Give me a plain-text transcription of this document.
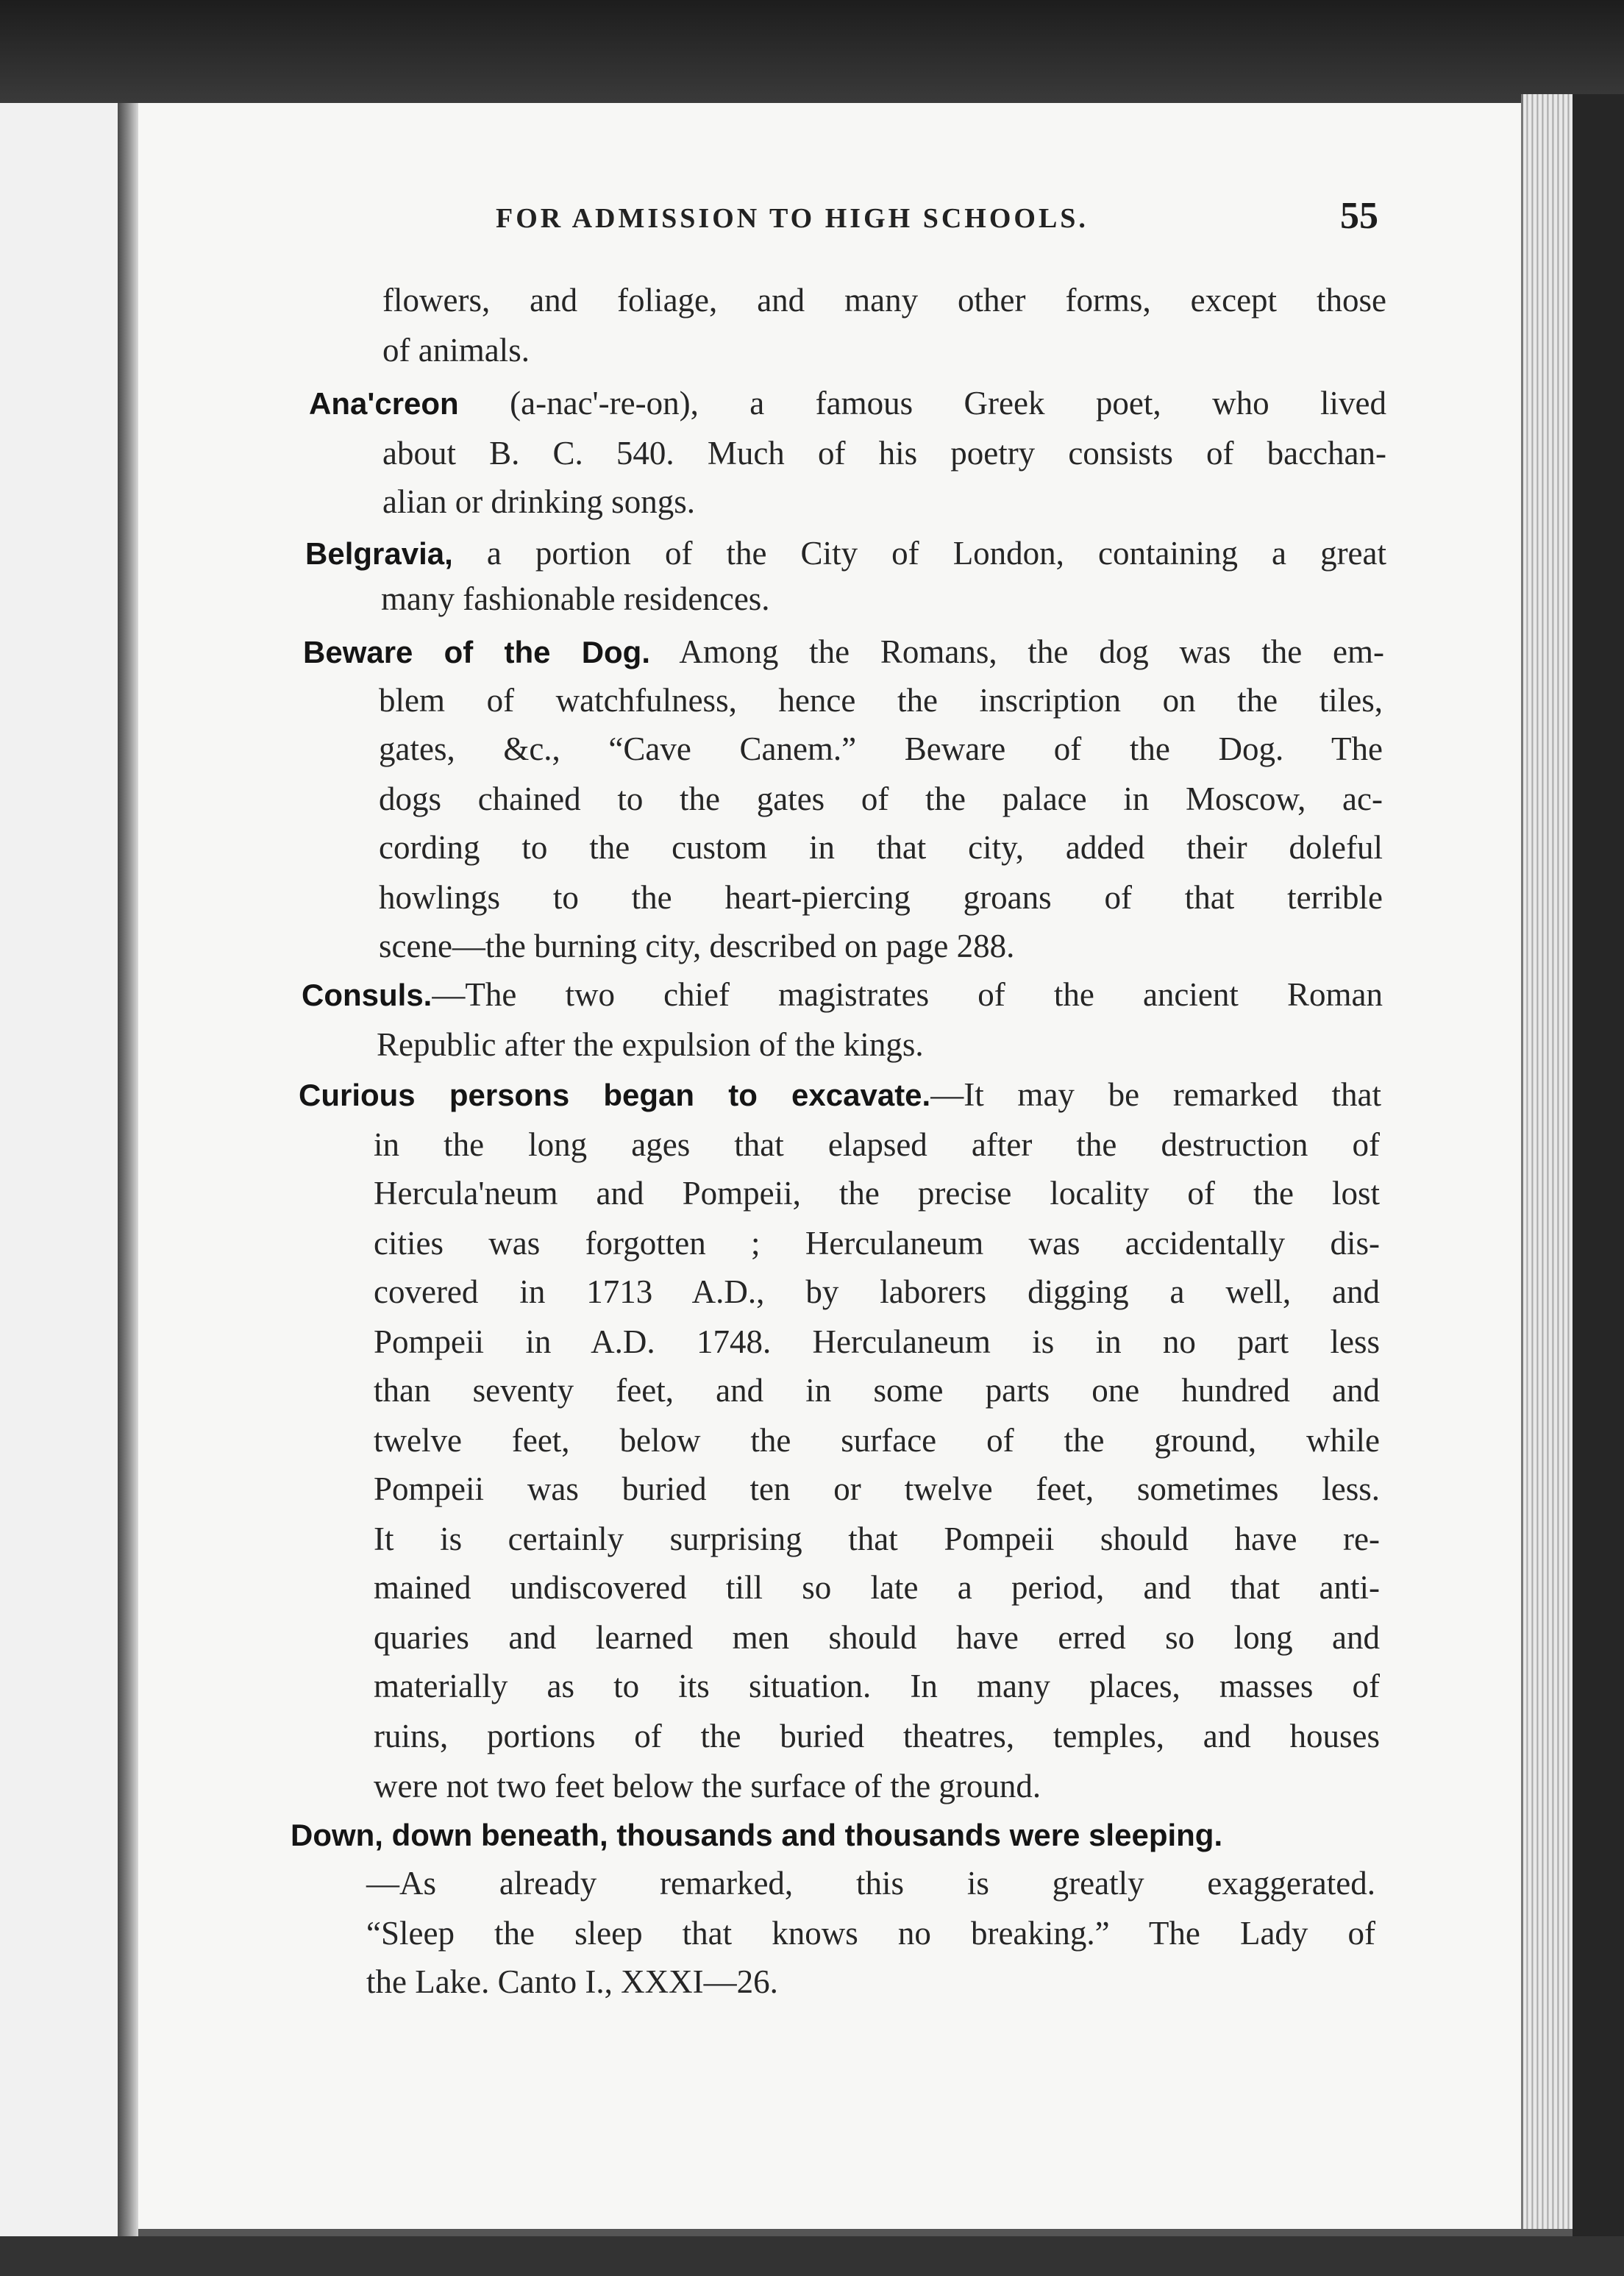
FOR ADMISSION TO HIGH SCHOOLS.	55
flowers, and foliage, and many other forms, except those
of animals.
Ana'creon (a-nac'-re-on), a famous Greek poet, who lived
about B. C. 540. Much of his poetry consists of bacchan-
alian or drinking songs.
Belgravia, a portion of the City of London, containing a great
many fashionable residences.
Beware of the Dog. Among the Romans, the dog was the em-
blem of watchfulness, hence the inscription on the tiles,
gates, &c., “Cave Canem.” Beware of the Dog. The
dogs chained to the gates of the palace in Moscow, ac-
cording to the custom in that city, added their doleful
howlings to the heart-piercing groans of that terrible
scene—the burning city, described on page 288.
Consuls.—The two chief magistrates of the ancient Roman
Republic after the expulsion of the kings.
Curious persons began to excavate.—It may be remarked that
in the long ages that elapsed after the destruction of
Hercula'neum and Pompeii, the precise locality of the lost
cities was forgotten ; Herculaneum was accidentally dis-
covered in 1713 A.D., by laborers digging a well, and
Pompeii in A.D. 1748. Herculaneum is in no part less
than seventy feet, and in some parts one hundred and
twelve feet, below the surface of the ground, while
Pompeii was buried ten or twelve feet, sometimes less.
It is certainly surprising that Pompeii should have re-
mained undiscovered till so late a period, and that anti-
quaries and learned men should have erred so long and
materially as to its situation. In many places, masses of
ruins, portions of the buried theatres, temples, and houses
were not two feet below the surface of the ground.
Down, down beneath, thousands and thousands were sleeping.
—As already remarked, this is greatly exaggerated.
“Sleep the sleep that knows no breaking.” The Lady of
the Lake. Canto I., XXXI—26.
